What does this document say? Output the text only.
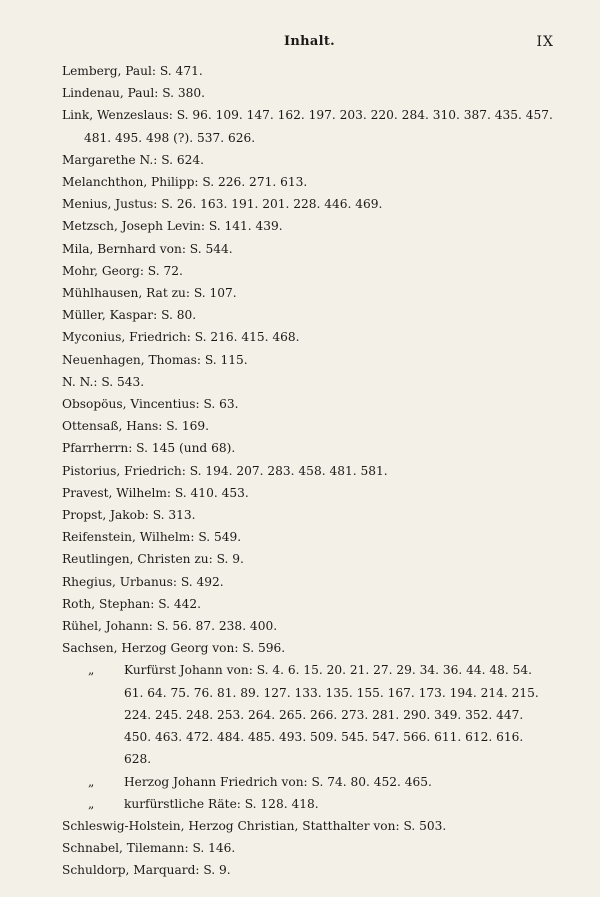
Inhalt.	IX

Lemberg, Paul: S. 471.

Lindenau, Paul: S. 380.

Link, Wenzeslaus: S. 96. 109. 147. 162. 197. 203. 220. 284. 310. 387. 435. 457. 481. 495. 498 (?). 537. 626.

Margarethe N.: S. 624.

Melanchthon, Philipp: S. 226. 271. 613.

Menius, Justus: S. 26. 163. 191. 201. 228. 446. 469.

Metzsch, Joseph Levin: S. 141. 439.

Mila, Bernhard von: S. 544.

Mohr, Georg: S. 72.

Mühlhausen, Rat zu: S. 107.

Müller, Kaspar: S. 80.

Myconius, Friedrich: S. 216. 415. 468.

Neuenhagen, Thomas: S. 115.

N. N.: S. 543.

Obsopöus, Vincentius: S. 63.

Ottensaß, Hans: S. 169.

Pfarrherrn: S. 145 (und 68).

Pistorius, Friedrich: S. 194. 207. 283. 458. 481. 581.

Pravest, Wilhelm: S. 410. 453.

Propst, Jakob: S. 313.

Reifenstein, Wilhelm: S. 549.

Reutlingen, Christen zu: S. 9.

Rhegius, Urbanus: S. 492.

Roth, Stephan: S. 442.

Rühel, Johann: S. 56. 87. 238. 400.

Sachsen, Herzog Georg von: S. 596.

„ Kurfürst Johann von: S. 4. 6. 15. 20. 21. 27. 29. 34. 36. 44. 48. 54. 61. 64. 75. 76. 81. 89. 127. 133. 135. 155. 167. 173. 194. 214. 215. 224. 245. 248. 253. 264. 265. 266. 273. 281. 290. 349. 352. 447. 450. 463. 472. 484. 485. 493. 509. 545. 547. 566. 611. 612. 616. 628.
„ Herzog Johann Friedrich von: S. 74. 80. 452. 465.
„ kurfürstliche Räte: S. 128. 418.

Schleswig-Holstein, Herzog Christian, Statthalter von: S. 503.

Schnabel, Tilemann: S. 146.

Schuldorp, Marquard: S. 9.
